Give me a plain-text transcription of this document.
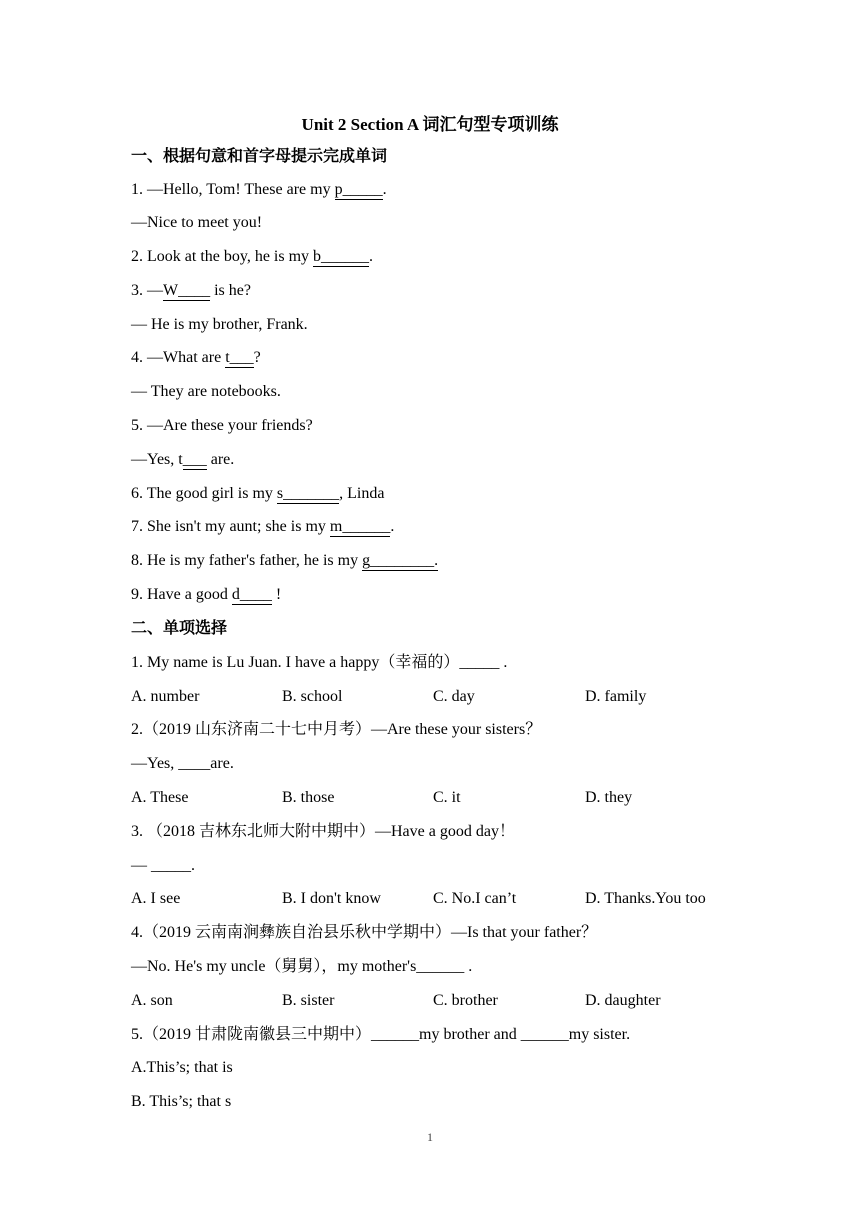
Unit 2 Section A 词汇句型专项训练
一、根据句意和首字母提示完成单词
1. —Hello, Tom! These are my p_____.
—Nice to meet you!
2. Look at the boy, he is my b______.
3. —W____ is he?
— He is my brother, Frank.
4. —What are t___?
— They are notebooks.
5. —Are these your friends?
—Yes, t___ are.
6. The good girl is my s_______, Linda
7. She isn't my aunt; she is my m______.
8. He is my father's father, he is my g________.
9. Have a good d____ !
二、单项选择
1. My name is Lu Juan. I have a happy（幸福的）_____ .
A. number	B. school	C. day	D. family
2.（2019 山东济南二十七中月考）—Are these your sisters？
—Yes, ____are.
A. These	B. those	C. it	D. they
3. （2018 吉林东北师大附中期中）—Have a good day！
— _____.
A. I see	B. I don't know	C. No.I can’t	D. Thanks.You too
4.（2019 云南南涧彝族自治县乐秋中学期中）—Is that your father？
—No. He's my uncle（舅舅），my mother's______ .
A. son	B. sister	C. brother	D. daughter
5.（2019 甘肃陇南徽县三中期中）______my brother and ______my sister.
A.This’s; that is
B. This’s; that s
1
